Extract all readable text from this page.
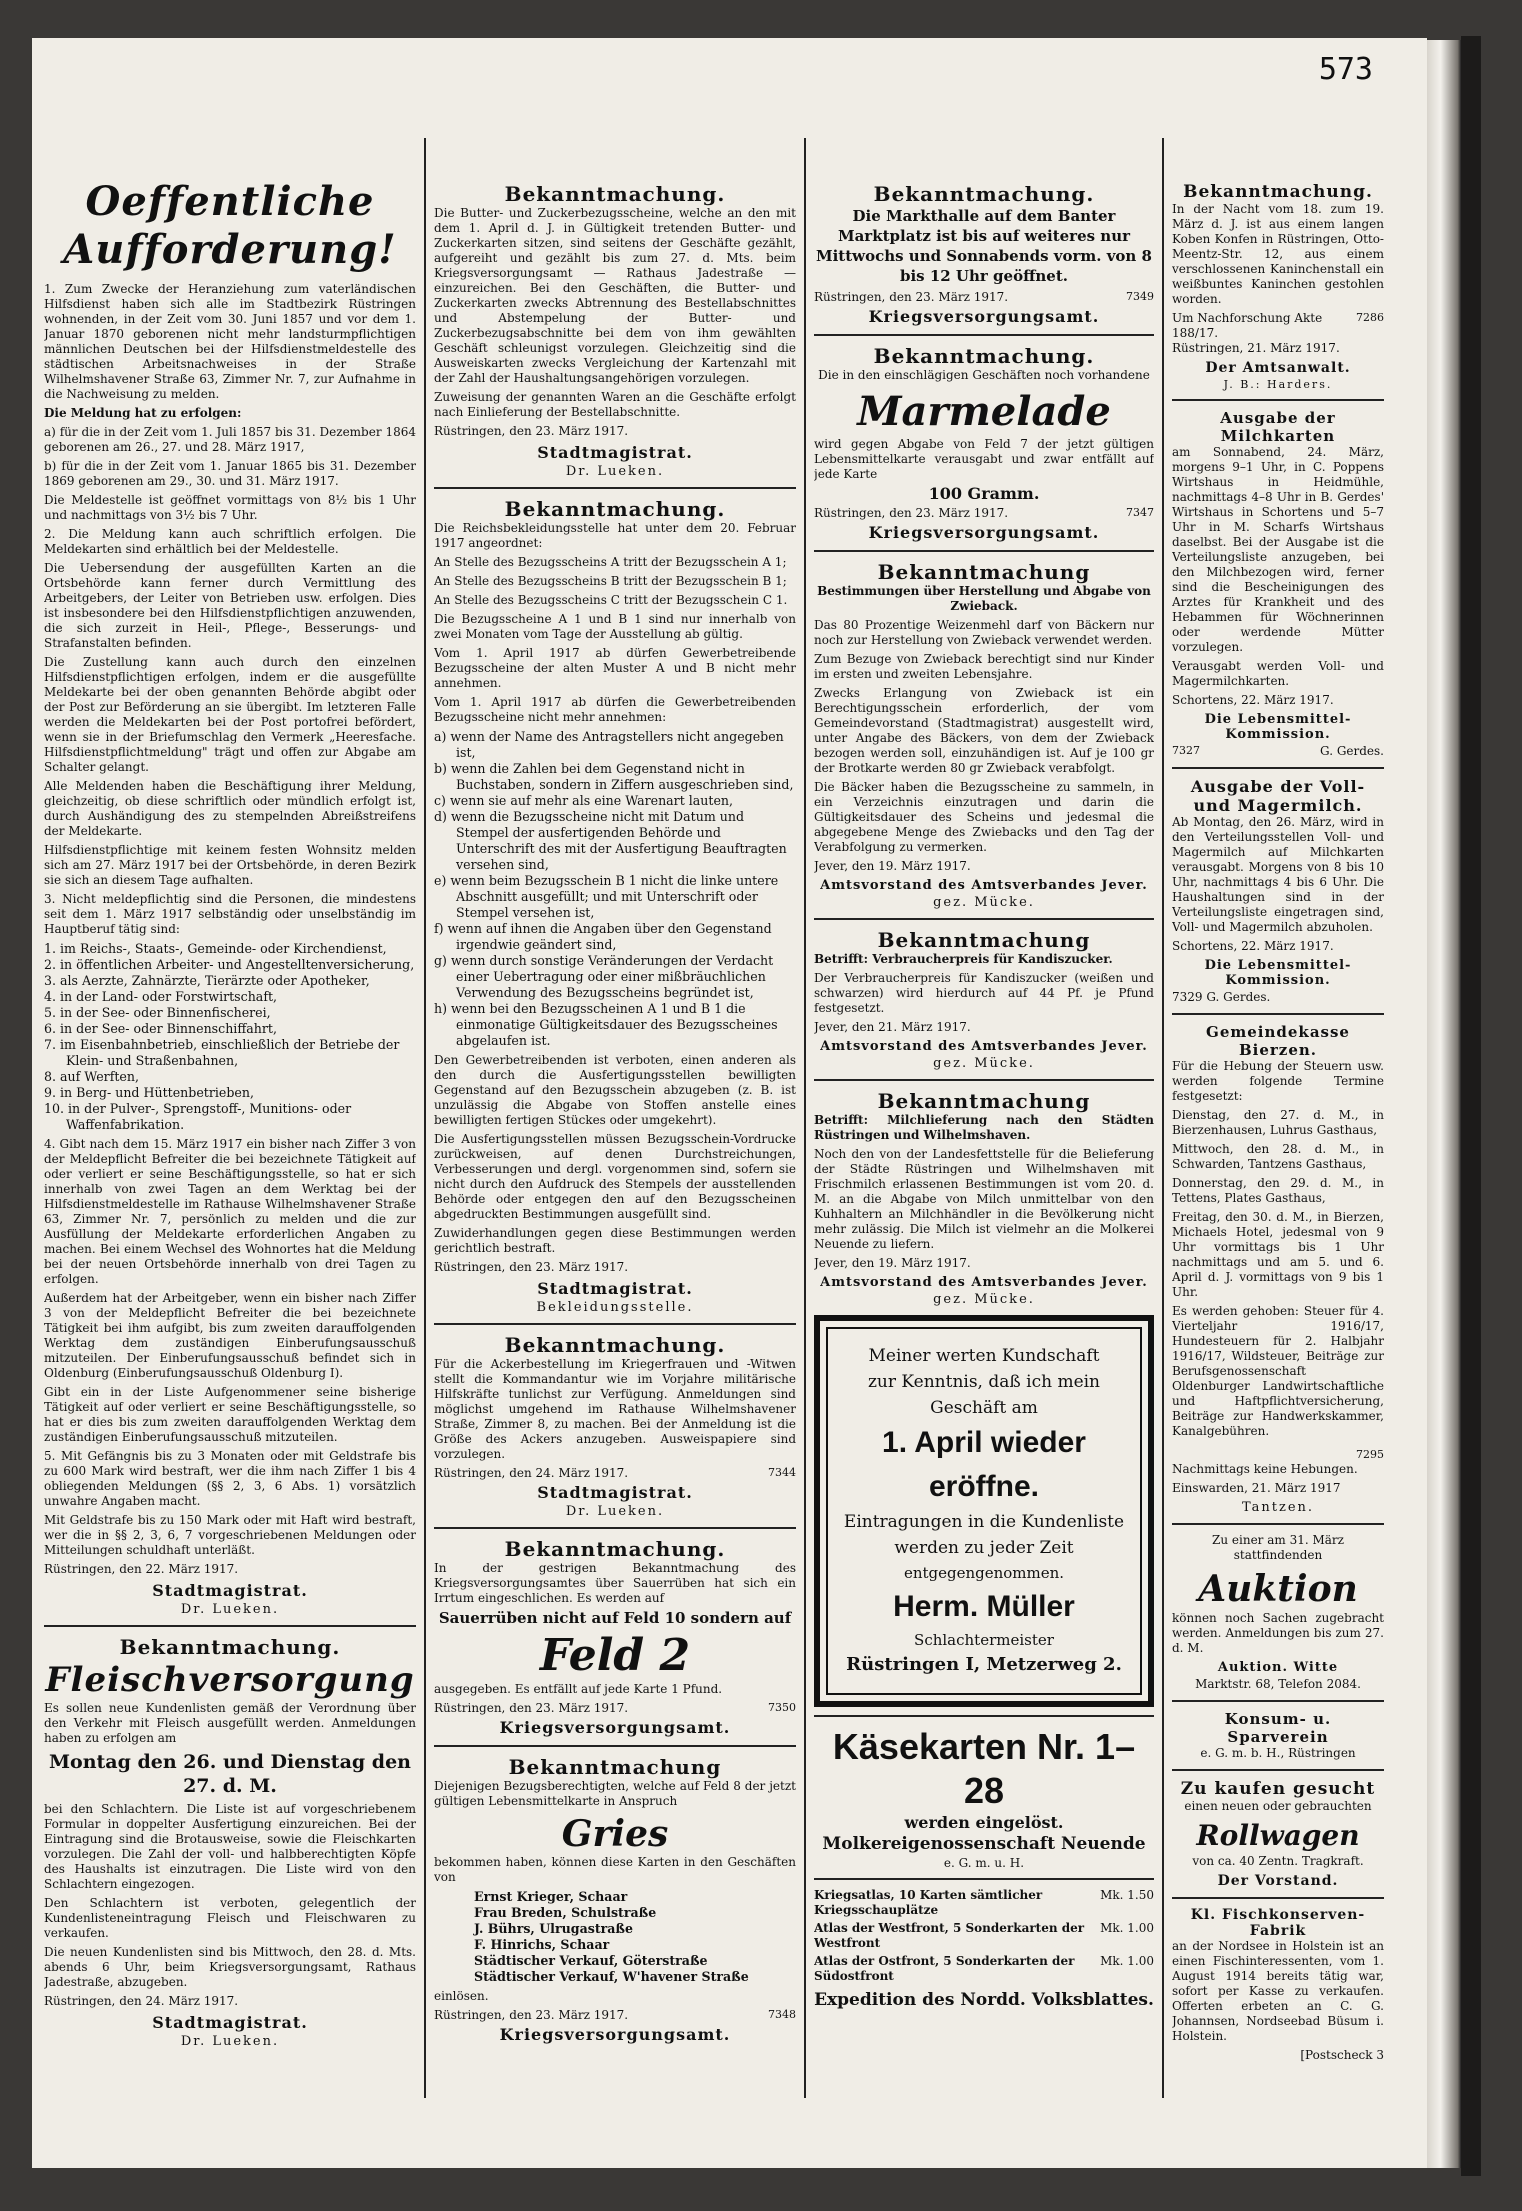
573
Oeffentliche
Aufforderung!

1. Zum Zwecke der Heranziehung zum vaterländischen Hilfsdienst haben sich alle im Stadtbezirk Rüstringen wohnenden, in der Zeit vom 30. Juni 1857 und vor dem 1. Januar 1870 geborenen nicht mehr landsturmpflichtigen männlichen Deutschen bei der Hilfsdienstmeldestelle des städtischen Arbeitsnachweises in der Straße Wilhelmshavener Straße 63, Zimmer Nr. 7, zur Aufnahme in die Nachweisung zu melden.

Die Meldung hat zu erfolgen:

a) für die in der Zeit vom 1. Juli 1857 bis 31. Dezember 1864 geborenen am 26., 27. und 28. März 1917,

b) für die in der Zeit vom 1. Januar 1865 bis 31. Dezember 1869 geborenen am 29., 30. und 31. März 1917.

Die Meldestelle ist geöffnet vormittags von 8½ bis 1 Uhr und nachmittags von 3½ bis 7 Uhr.

2. Die Meldung kann auch schriftlich erfolgen. Die Meldekarten sind erhältlich bei der Meldestelle.

Die Uebersendung der ausgefüllten Karten an die Ortsbehörde kann ferner durch Vermittlung des Arbeitgebers, der Leiter von Betrieben usw. erfolgen. Dies ist insbesondere bei den Hilfsdienstpflichtigen anzuwenden, die sich zurzeit in Heil-, Pflege-, Besserungs- und Strafanstalten befinden.

Die Zustellung kann auch durch den einzelnen Hilfsdienstpflichtigen erfolgen, indem er die ausgefüllte Meldekarte bei der oben genannten Behörde abgibt oder der Post zur Beförderung an sie übergibt. Im letzteren Falle werden die Meldekarten bei der Post portofrei befördert, wenn sie in der Briefumschlag den Vermerk „Heeresfache. Hilfsdienstpflichtmeldung" trägt und offen zur Abgabe am Schalter gelangt.

Alle Meldenden haben die Beschäftigung ihrer Meldung, gleichzeitig, ob diese schriftlich oder mündlich erfolgt ist, durch Aushändigung des zu stempelnden Abreißstreifens der Meldekarte.

Hilfsdienstpflichtige mit keinem festen Wohnsitz melden sich am 27. März 1917 bei der Ortsbehörde, in deren Bezirk sie sich an diesem Tage aufhalten.

3. Nicht meldepflichtig sind die Personen, die mindestens seit dem 1. März 1917 selbständig oder unselbständig im Hauptberuf tätig sind:

1. im Reichs-, Staats-, Gemeinde- oder Kirchendienst,
2. in öffentlichen Arbeiter- und Angestelltenversicherung,
3. als Aerzte, Zahnärzte, Tierärzte oder Apotheker,
4. in der Land- oder Forstwirtschaft,
5. in der See- oder Binnenfischerei,
6. in der See- oder Binnenschiffahrt,
7. im Eisenbahnbetrieb, einschließlich der Betriebe der Klein- und Straßenbahnen,
8. auf Werften,
9. in Berg- und Hüttenbetrieben,
10. in der Pulver-, Sprengstoff-, Munitions- oder Waffenfabrikation.

4. Gibt nach dem 15. März 1917 ein bisher nach Ziffer 3 von der Meldepflicht Befreiter die bei bezeichnete Tätigkeit auf oder verliert er seine Beschäftigungsstelle, so hat er sich innerhalb von zwei Tagen an dem Werktag bei der Hilfsdienstmeldestelle im Rathause Wilhelmshavener Straße 63, Zimmer Nr. 7, persönlich zu melden und die zur Ausfüllung der Meldekarte erforderlichen Angaben zu machen. Bei einem Wechsel des Wohnortes hat die Meldung bei der neuen Ortsbehörde innerhalb von drei Tagen zu erfolgen.

Außerdem hat der Arbeitgeber, wenn ein bisher nach Ziffer 3 von der Meldepflicht Befreiter die bei bezeichnete Tätigkeit bei ihm aufgibt, bis zum zweiten darauffolgenden Werktag dem zuständigen Einberufungsausschuß mitzuteilen. Der Einberufungsausschuß befindet sich in Oldenburg (Einberufungsausschuß Oldenburg I).

Gibt ein in der Liste Aufgenommener seine bisherige Tätigkeit auf oder verliert er seine Beschäftigungsstelle, so hat er dies bis zum zweiten darauffolgenden Werktag dem zuständigen Einberufungsausschuß mitzuteilen.

5. Mit Gefängnis bis zu 3 Monaten oder mit Geldstrafe bis zu 600 Mark wird bestraft, wer die ihm nach Ziffer 1 bis 4 obliegenden Meldungen (§§ 2, 3, 6 Abs. 1) vorsätzlich unwahre Angaben macht.

Mit Geldstrafe bis zu 150 Mark oder mit Haft wird bestraft, wer die in §§ 2, 3, 6, 7 vorgeschriebenen Meldungen oder Mitteilungen schuldhaft unterläßt.

Rüstringen, den 22. März 1917.

Stadtmagistrat.
Dr. Lueken.
Bekanntmachung.
Fleischversorgung

Es sollen neue Kundenlisten gemäß der Verordnung über den Verkehr mit Fleisch ausgefüllt werden. Anmeldungen haben zu erfolgen am

Montag den 26. und Dienstag den 27. d. M.

bei den Schlachtern. Die Liste ist auf vorgeschriebenem Formular in doppelter Ausfertigung einzureichen. Bei der Eintragung sind die Brotausweise, sowie die Fleischkarten vorzulegen. Die Zahl der voll- und halbberechtigten Köpfe des Haushalts ist einzutragen. Die Liste wird von den Schlachtern eingezogen.

Den Schlachtern ist verboten, gelegentlich der Kundenlisteneintragung Fleisch und Fleischwaren zu verkaufen.

Die neuen Kundenlisten sind bis Mittwoch, den 28. d. Mts. abends 6 Uhr, beim Kriegsversorgungsamt, Rathaus Jadestraße, abzugeben.

Rüstringen, den 24. März 1917.

Stadtmagistrat.
Dr. Lueken.
Bekanntmachung.

Die Butter- und Zuckerbezugsscheine, welche an den mit dem 1. April d. J. in Gültigkeit tretenden Butter- und Zuckerkarten sitzen, sind seitens der Geschäfte gezählt, aufgereiht und gezählt bis zum 27. d. Mts. beim Kriegsversorgungsamt — Rathaus Jadestraße — einzureichen. Bei den Geschäften, die Butter- und Zuckerkarten zwecks Abtrennung des Bestellabschnittes und Abstempelung der Butter- und Zuckerbezugsabschnitte bei dem von ihm gewählten Geschäft schleunigst vorzulegen. Gleichzeitig sind die Ausweiskarten zwecks Vergleichung der Kartenzahl mit der Zahl der Haushaltungsangehörigen vorzulegen.

Zuweisung der genannten Waren an die Geschäfte erfolgt nach Einlieferung der Bestellabschnitte.

Rüstringen, den 23. März 1917.

Stadtmagistrat.
Dr. Lueken.
Bekanntmachung.

Die Reichsbekleidungsstelle hat unter dem 20. Februar 1917 angeordnet:

An Stelle des Bezugsscheins A tritt der Bezugsschein A 1;

An Stelle des Bezugsscheins B tritt der Bezugsschein B 1;

An Stelle des Bezugsscheins C tritt der Bezugsschein C 1.

Die Bezugsscheine A 1 und B 1 sind nur innerhalb von zwei Monaten vom Tage der Ausstellung ab gültig.

Vom 1. April 1917 ab dürfen Gewerbetreibende Bezugsscheine der alten Muster A und B nicht mehr annehmen.

Vom 1. April 1917 ab dürfen die Gewerbetreibenden Bezugsscheine nicht mehr annehmen:

a) wenn der Name des Antragstellers nicht angegeben ist,
b) wenn die Zahlen bei dem Gegenstand nicht in Buchstaben, sondern in Ziffern ausgeschrieben sind,
c) wenn sie auf mehr als eine Warenart lauten,
d) wenn die Bezugsscheine nicht mit Datum und Stempel der ausfertigenden Behörde und Unterschrift des mit der Ausfertigung Beauftragten versehen sind,
e) wenn beim Bezugsschein B 1 nicht die linke untere Abschnitt ausgefüllt; und mit Unterschrift oder Stempel versehen ist,
f) wenn auf ihnen die Angaben über den Gegenstand irgendwie geändert sind,
g) wenn durch sonstige Veränderungen der Verdacht einer Uebertragung oder einer mißbräuchlichen Verwendung des Bezugsscheins begründet ist,
h) wenn bei den Bezugsscheinen A 1 und B 1 die einmonatige Gültigkeitsdauer des Bezugsscheines abgelaufen ist.

Den Gewerbetreibenden ist verboten, einen anderen als den durch die Ausfertigungsstellen bewilligten Gegenstand auf den Bezugsschein abzugeben (z. B. ist unzulässig die Abgabe von Stoffen anstelle eines bewilligten fertigen Stückes oder umgekehrt).

Die Ausfertigungsstellen müssen Bezugsschein-Vordrucke zurückweisen, auf denen Durchstreichungen, Verbesserungen und dergl. vorgenommen sind, sofern sie nicht durch den Aufdruck des Stempels der ausstellenden Behörde oder entgegen den auf den Bezugsscheinen abgedruckten Bestimmungen ausgefüllt sind.

Zuwiderhandlungen gegen diese Bestimmungen werden gerichtlich bestraft.

Rüstringen, den 23. März 1917.

Stadtmagistrat.
Bekleidungsstelle.
Bekanntmachung.

Für die Ackerbestellung im Kriegerfrauen und -Witwen stellt die Kommandantur wie im Vorjahre militärische Hilfskräfte tunlichst zur Verfügung. Anmeldungen sind möglichst umgehend im Rathause Wilhelmshavener Straße, Zimmer 8, zu machen. Bei der Anmeldung ist die Größe des Ackers anzugeben. Ausweispapiere sind vorzulegen.

Rüstringen, den 24. März 1917.	7344
Stadtmagistrat.
Dr. Lueken.
Bekanntmachung.

In der gestrigen Bekanntmachung des Kriegsversorgungsamtes über Sauerrüben hat sich ein Irrtum eingeschlichen. Es werden auf

Sauerrüben nicht auf Feld 10 sondern auf

Feld 2

ausgegeben. Es entfällt auf jede Karte 1 Pfund.

Rüstringen, den 23. März 1917.	7350
Kriegsversorgungsamt.
Bekanntmachung

Diejenigen Bezugsberechtigten, welche auf Feld 8 der jetzt gültigen Lebensmittelkarte in Anspruch

Gries

bekommen haben, können diese Karten in den Geschäften von

Ernst Krieger, Schaar
Frau Breden, Schulstraße
J. Bührs, Ulrugastraße
F. Hinrichs, Schaar
Städtischer Verkauf, Göterstraße
Städtischer Verkauf, W'havener Straße

einlösen.

Rüstringen, den 23. März 1917.	7348
Kriegsversorgungsamt.
Bekanntmachung.

Die Markthalle auf dem Banter Marktplatz ist bis auf weiteres nur Mittwochs und Sonnabends vorm. von 8 bis 12 Uhr geöffnet.

Rüstringen, den 23. März 1917.	7349
Kriegsversorgungsamt.
Bekanntmachung.

Die in den einschlägigen Geschäften noch vorhandene

Marmelade

wird gegen Abgabe von Feld 7 der jetzt gültigen Lebensmittelkarte verausgabt und zwar entfällt auf jede Karte

100 Gramm.

Rüstringen, den 23. März 1917.	7347
Kriegsversorgungsamt.
Bekanntmachung

Bestimmungen über Herstellung und Abgabe von Zwieback.

Das 80 Prozentige Weizenmehl darf von Bäckern nur noch zur Herstellung von Zwieback verwendet werden.

Zum Bezuge von Zwieback berechtigt sind nur Kinder im ersten und zweiten Lebensjahre.

Zwecks Erlangung von Zwieback ist ein Berechtigungsschein erforderlich, der vom Gemeindevorstand (Stadtmagistrat) ausgestellt wird, unter Angabe des Bäckers, von dem der Zwieback bezogen werden soll, einzuhändigen ist. Auf je 100 gr der Brotkarte werden 80 gr Zwieback verabfolgt.

Die Bäcker haben die Bezugsscheine zu sammeln, in ein Verzeichnis einzutragen und darin die Gültigkeitsdauer des Scheins und jedesmal die abgegebene Menge des Zwiebacks und den Tag der Verabfolgung zu vermerken.

Jever, den 19. März 1917.

Amtsvorstand des Amtsverbandes Jever.
gez. Mücke.
Bekanntmachung

Betrifft: Verbraucherpreis für Kandiszucker.

Der Verbraucherpreis für Kandiszucker (weißen und schwarzen) wird hierdurch auf 44 Pf. je Pfund festgesetzt.

Jever, den 21. März 1917.

Amtsvorstand des Amtsverbandes Jever.
gez. Mücke.
Bekanntmachung

Betrifft: Milchlieferung nach den Städten Rüstringen und Wilhelmshaven.

Noch den von der Landesfettstelle für die Belieferung der Städte Rüstringen und Wilhelmshaven mit Frischmilch erlassenen Bestimmungen ist vom 20. d. M. an die Abgabe von Milch unmittelbar von den Kuhhaltern an Milchhändler in die Bevölkerung nicht mehr zulässig. Die Milch ist vielmehr an die Molkerei Neuende zu liefern.

Jever, den 19. März 1917.

Amtsvorstand des Amtsverbandes Jever.
gez. Mücke.
Meiner werten Kundschaft
zur Kenntnis, daß ich mein
Geschäft am
1. April wieder eröffne.
Eintragungen in die Kundenliste werden zu jeder Zeit
entgegengenommen.
Herm. Müller
Schlachtermeister
Rüstringen I, Metzerweg 2.
Käsekarten Nr. 1–28
werden eingelöst.
Molkereigenossenschaft Neuende
e. G. m. u. H.
Kriegsatlas, 10 Karten sämtlicher Kriegsschauplätze
Mk. 1.50
Atlas der Westfront, 5 Sonderkarten der Westfront
Mk. 1.00
Atlas der Ostfront, 5 Sonderkarten der Südostfront
Mk. 1.00
Expedition des Nordd. Volksblattes.
Bekanntmachung.

In der Nacht vom 18. zum 19. März d. J. ist aus einem langen Koben Konfen in Rüstringen, Otto-Meentz-Str. 12, aus einem verschlossenen Kaninchenstall ein weißbuntes Kaninchen gestohlen worden.

Um Nachforschung Akte 188/17.
7286

Rüstringen, 21. März 1917.

Der Amtsanwalt.
J. B.: Harders.
Ausgabe der Milchkarten

am Sonnabend, 24. März, morgens 9–1 Uhr, in C. Poppens Wirtshaus in Heidmühle, nachmittags 4–8 Uhr in B. Gerdes' Wirtshaus in Schortens und 5–7 Uhr in M. Scharfs Wirtshaus daselbst. Bei der Ausgabe ist die Verteilungsliste anzugeben, bei den Milchbezogen wird, ferner sind die Bescheinigungen des Arztes für Krankheit und des Hebammen für Wöchnerinnen oder werdende Mütter vorzulegen.

Verausgabt werden Voll- und Magermilchkarten.

Schortens, 22. März 1917.

Die Lebensmittel-Kommission.
7327	G. Gerdes.
Ausgabe der Voll- und Magermilch.

Ab Montag, den 26. März, wird in den Verteilungsstellen Voll- und Magermilch auf Milchkarten verausgabt. Morgens von 8 bis 10 Uhr, nachmittags 4 bis 6 Uhr. Die Haushaltungen sind in der Verteilungsliste eingetragen sind, Voll- und Magermilch abzuholen.

Schortens, 22. März 1917.

Die Lebensmittel-Kommission.

7329 G. Gerdes.

Gemeindekasse Bierzen.

Für die Hebung der Steuern usw. werden folgende Termine festgesetzt:

Dienstag, den 27. d. M., in Bierzenhausen, Luhrus Gasthaus,

Mittwoch, den 28. d. M., in Schwarden, Tantzens Gasthaus,

Donnerstag, den 29. d. M., in Tettens, Plates Gasthaus,

Freitag, den 30. d. M., in Bierzen, Michaels Hotel, jedesmal von 9 Uhr vormittags bis 1 Uhr nachmittags und am 5. und 6. April d. J. vormittags von 9 bis 1 Uhr.

Es werden gehoben: Steuer für 4. Vierteljahr 1916/17, Hundesteuern für 2. Halbjahr 1916/17, Wildsteuer, Beiträge zur Berufsgenossenschaft Oldenburger Landwirtschaftliche und Haftpflichtversicherung, Beiträge zur Handwerkskammer, Kanalgebühren.

7295

Nachmittags keine Hebungen.

Einswarden, 21. März 1917

Tantzen.

Zu einer am 31. März stattfindenden

Auktion

können noch Sachen zugebracht werden. Anmeldungen bis zum 27. d. M.

Auktion. Witte

Marktstr. 68, Telefon 2084.

Konsum- u. Sparverein

e. G. m. b. H., Rüstringen

Zu kaufen gesucht

einen neuen oder gebrauchten

Rollwagen

von ca. 40 Zentn. Tragkraft.

Der Vorstand.
Kl. Fischkonserven-Fabrik

an der Nordsee in Holstein ist an einen Fischinteressenten, vom 1. August 1914 bereits tätig war, sofort per Kasse zu verkaufen. Offerten erbeten an C. G. Johannsen, Nordseebad Büsum i. Holstein.

[Postscheck 3
